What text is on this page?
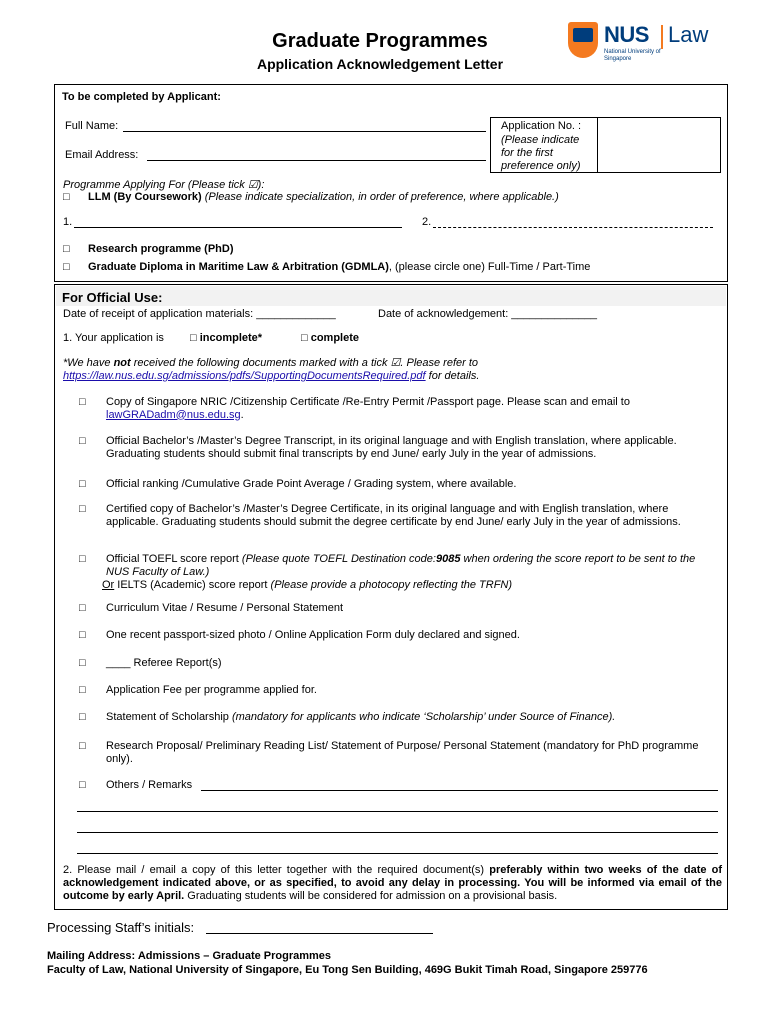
Graduate Programmes
Application Acknowledgement Letter
NUS Law
National University of Singapore
To be completed by Applicant:
Full Name:
Email Address:
Application No. :
(Please indicate for the first preference only)
Programme Applying For (Please tick ☑):
□ LLM (By Coursework) (Please indicate specialization, in order of preference, where applicable.)
1.	2.
□ Research programme (PhD)
□ Graduate Diploma in Maritime Law & Arbitration (GDMLA), (please circle one) Full-Time / Part-Time
For Official Use:
Date of receipt of application materials: _____________	Date of acknowledgement: ______________
1. Your application is □ incomplete*	□ complete
*We have not received the following documents marked with a tick ☑. Please refer to
https://law.nus.edu.sg/admissions/pdfs/SupportingDocumentsRequired.pdf for details.
□ Copy of Singapore NRIC /Citizenship Certificate /Re-Entry Permit /Passport page. Please scan and email to
lawGRADadm@nus.edu.sg.
□ Official Bachelor’s /Master’s Degree Transcript, in its original language and with English translation, where applicable. Graduating students should submit final transcripts by end June/ early July in the year of admissions.
□ Official ranking /Cumulative Grade Point Average / Grading system, where available.
□ Certified copy of Bachelor’s /Master’s Degree Certificate, in its original language and with English translation, where applicable. Graduating students should submit the degree certificate by end June/ early July in the year of admissions.
□ Official TOEFL score report (Please quote TOEFL Destination code:9085 when ordering the score report to be sent to the NUS Faculty of Law.)
Or IELTS (Academic) score report (Please provide a photocopy reflecting the TRFN)
□ Curriculum Vitae / Resume / Personal Statement
□ One recent passport-sized photo / Online Application Form duly declared and signed.
□ ____ Referee Report(s)
□ Application Fee per programme applied for.
□ Statement of Scholarship (mandatory for applicants who indicate ‘Scholarship’ under Source of Finance).
□ Research Proposal/ Preliminary Reading List/ Statement of Purpose/ Personal Statement (mandatory for PhD programme only).
□ Others / Remarks
2. Please mail / email a copy of this letter together with the required document(s) preferably within two weeks of the date of acknowledgement indicated above, or as specified, to avoid any delay in processing. You will be informed via email of the outcome by early April. Graduating students will be considered for admission on a provisional basis.
Processing Staff’s initials:
Mailing Address: Admissions – Graduate Programmes
Faculty of Law, National University of Singapore, Eu Tong Sen Building, 469G Bukit Timah Road, Singapore 259776
